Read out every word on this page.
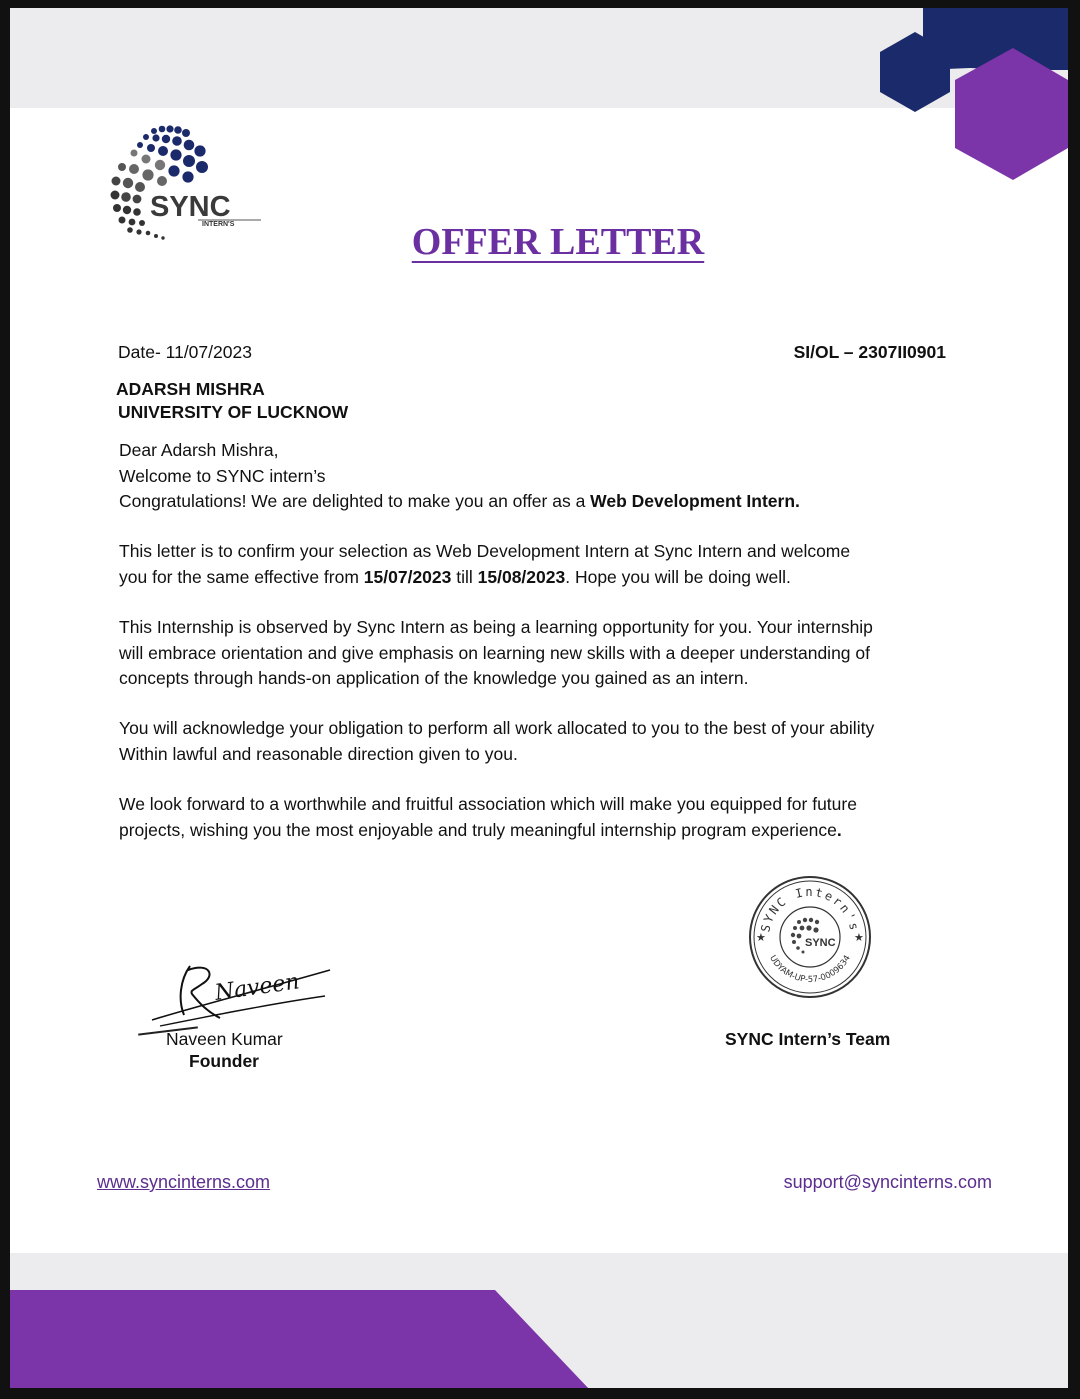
SYNC
INTERN'S	OFFER LETTER
Date- 11/07/2023	SI/OL – 2307II0901
ADARSH MISHRA
UNIVERSITY OF LUCKNOW
Dear Adarsh Mishra,
Welcome to SYNC intern’s
Congratulations! We are delighted to make you an offer as a Web Development Intern.
This letter is to confirm your selection as Web Development Intern at Sync Intern and welcome
you for the same effective from 15/07/2023 till 15/08/2023. Hope you will be doing well.
This Internship is observed by Sync Intern as being a learning opportunity for you. Your internship
will embrace orientation and give emphasis on learning new skills with a deeper understanding of
concepts through hands-on application of the knowledge you gained as an intern.
You will acknowledge your obligation to perform all work allocated to you to the best of your ability
Within lawful and reasonable direction given to you.
We look forward to a worthwhile and fruitful association which will make you equipped for future
projects, wishing you the most enjoyable and truly meaningful internship program experience.
Naveen
Naveen Kumar
Founder
SYNC Intern's
UDYAM-UP-57-0009634
★	★
SYNC
SYNC Intern’s Team
www.syncinterns.com	support@syncinterns.com
